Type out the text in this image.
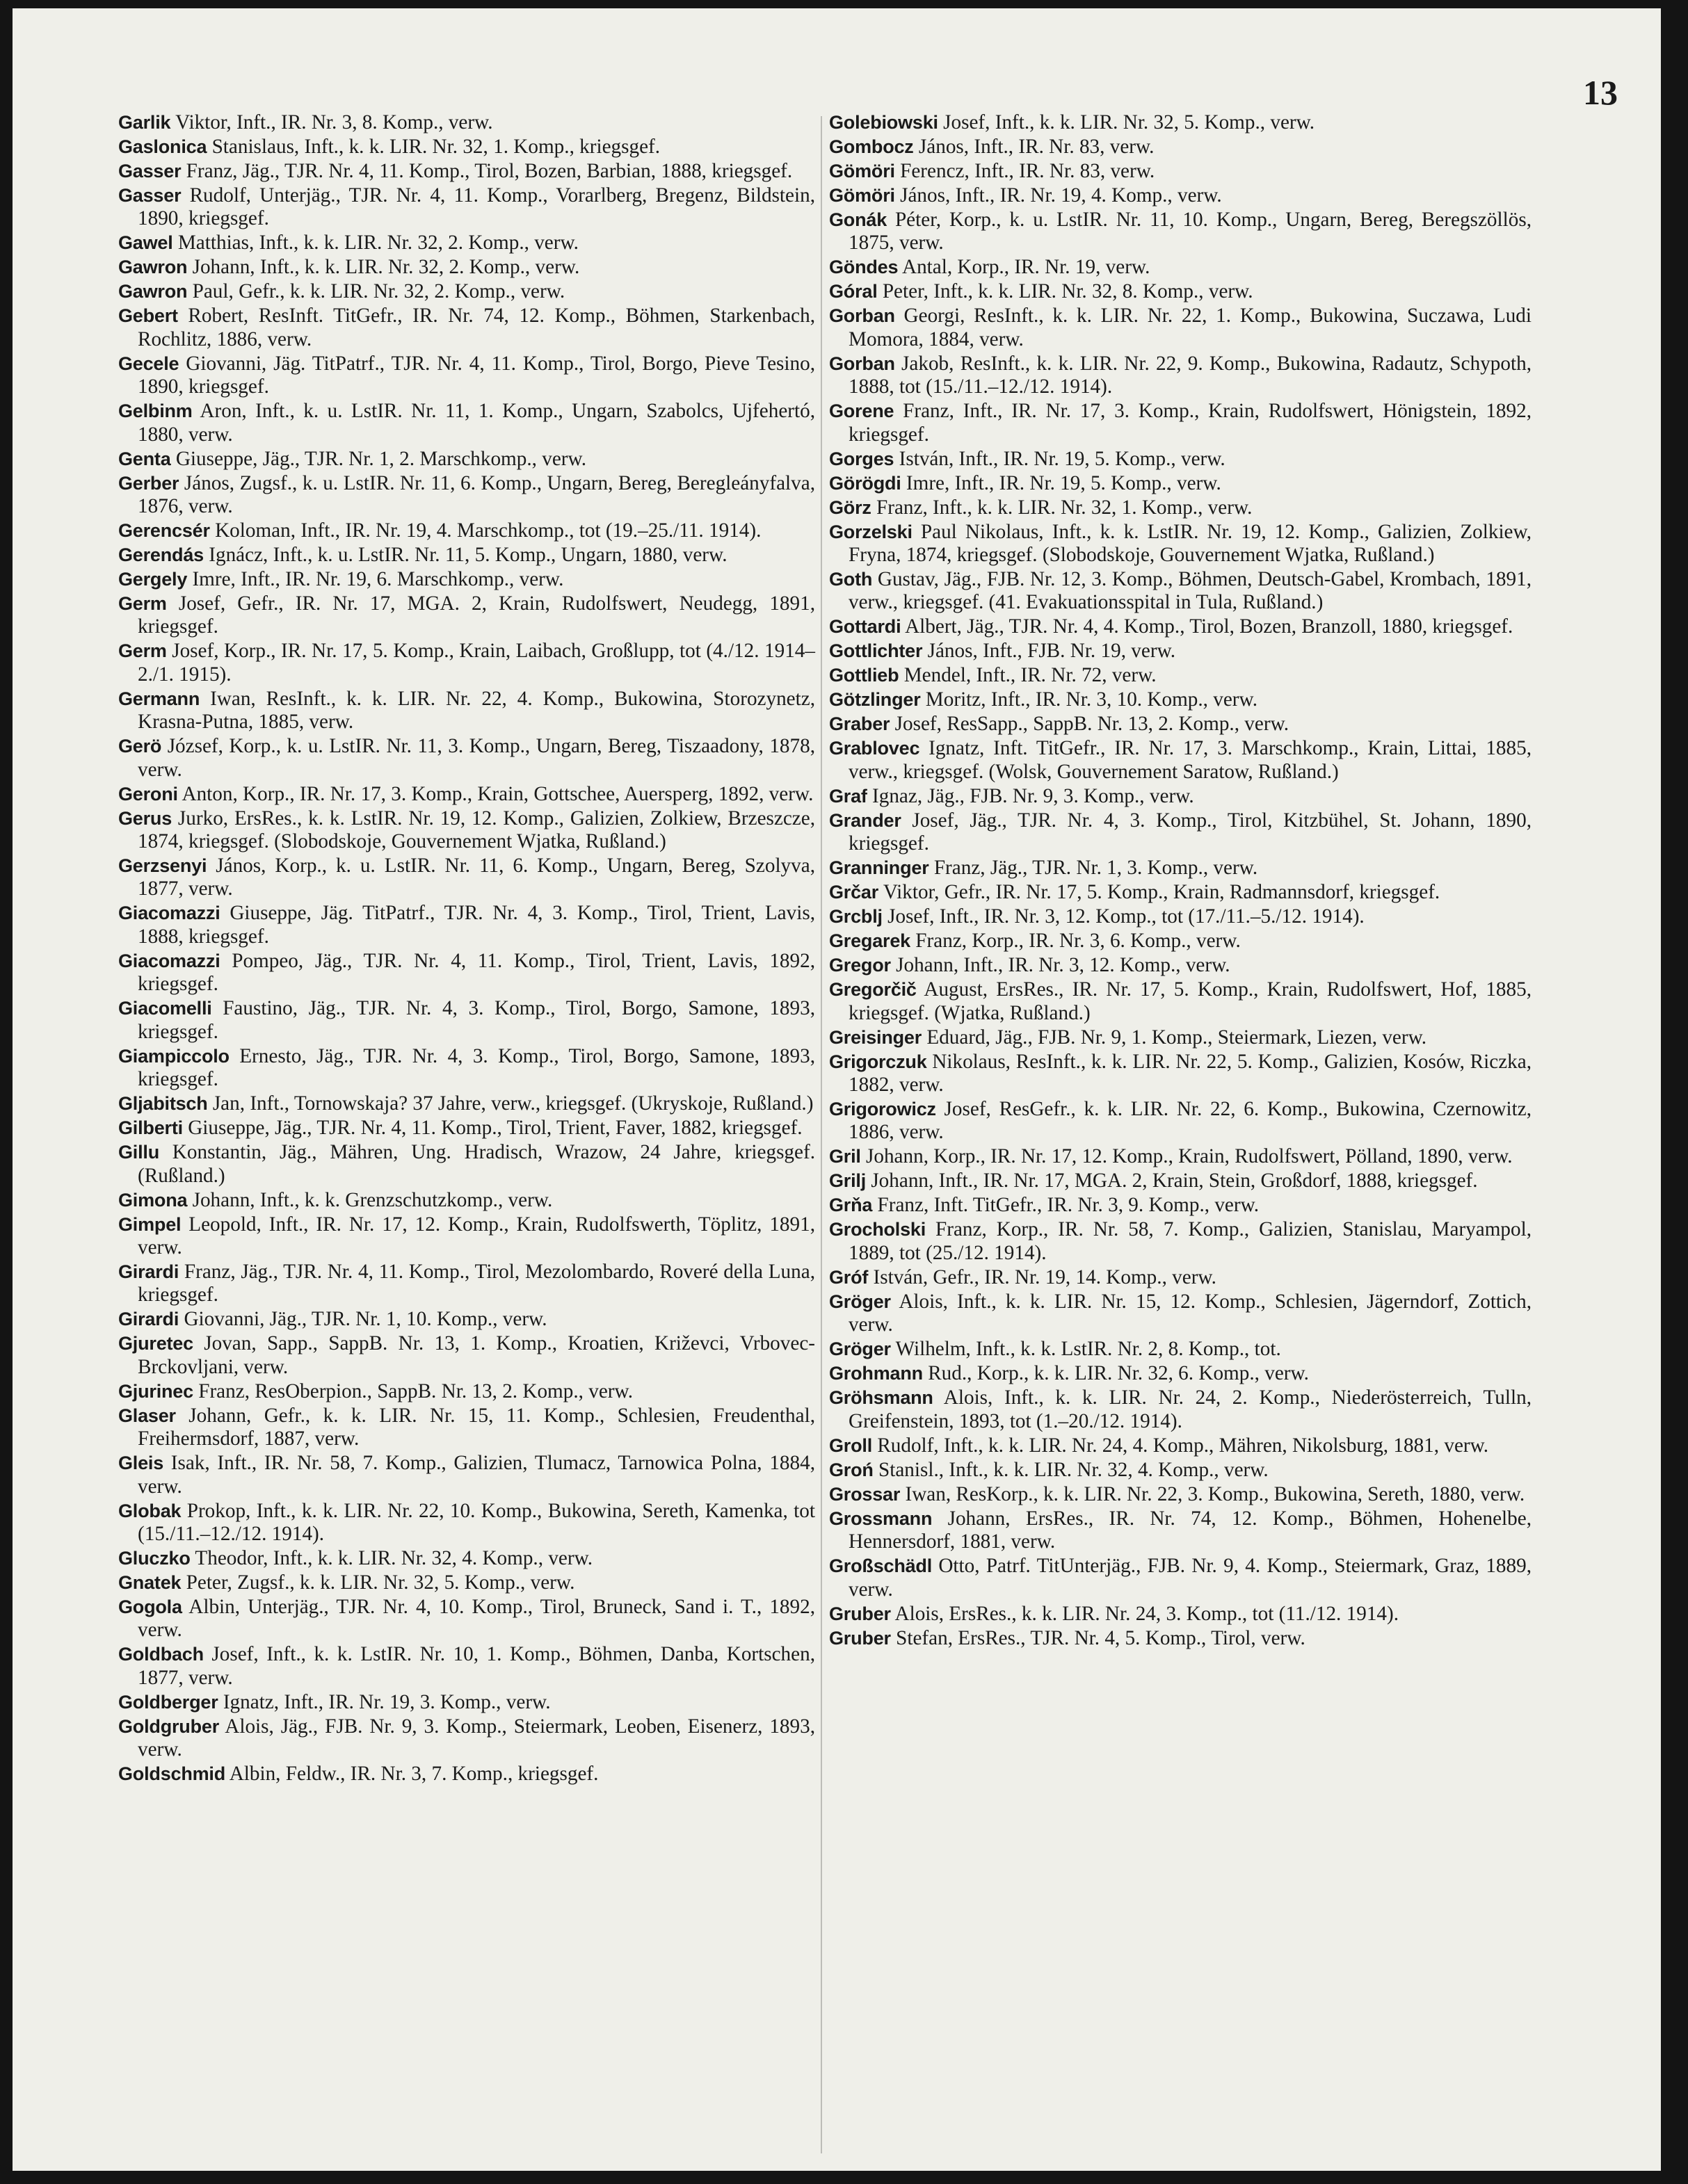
13

Garlik Viktor, Inft., IR. Nr. 3, 8. Komp., verw.

Gaslonica Stanislaus, Inft., k. k. LIR. Nr. 32, 1. Komp., kriegsgef.

Gasser Franz, Jäg., TJR. Nr. 4, 11. Komp., Tirol, Bozen, Barbian, 1888, kriegsgef.

Gasser Rudolf, Unterjäg., TJR. Nr. 4, 11. Komp., Vorarlberg, Bregenz, Bildstein, 1890, kriegsgef.

Gawel Matthias, Inft., k. k. LIR. Nr. 32, 2. Komp., verw.

Gawron Johann, Inft., k. k. LIR. Nr. 32, 2. Komp., verw.

Gawron Paul, Gefr., k. k. LIR. Nr. 32, 2. Komp., verw.

Gebert Robert, ResInft. TitGefr., IR. Nr. 74, 12. Komp., Böhmen, Starkenbach, Rochlitz, 1886, verw.

Gecele Giovanni, Jäg. TitPatrf., TJR. Nr. 4, 11. Komp., Tirol, Borgo, Pieve Tesino, 1890, kriegsgef.

Gelbinm Aron, Inft., k. u. LstIR. Nr. 11, 1. Komp., Ungarn, Szabolcs, Ujfehertó, 1880, verw.

Genta Giuseppe, Jäg., TJR. Nr. 1, 2. Marschkomp., verw.

Gerber János, Zugsf., k. u. LstIR. Nr. 11, 6. Komp., Ungarn, Bereg, Beregleányfalva, 1876, verw.

Gerencsér Koloman, Inft., IR. Nr. 19, 4. Marschkomp., tot (19.–25./11. 1914).

Gerendás Ignácz, Inft., k. u. LstIR. Nr. 11, 5. Komp., Ungarn, 1880, verw.

Gergely Imre, Inft., IR. Nr. 19, 6. Marschkomp., verw.

Germ Josef, Gefr., IR. Nr. 17, MGA. 2, Krain, Rudolfswert, Neudegg, 1891, kriegsgef.

Germ Josef, Korp., IR. Nr. 17, 5. Komp., Krain, Laibach, Großlupp, tot (4./12. 1914–2./1. 1915).

Germann Iwan, ResInft., k. k. LIR. Nr. 22, 4. Komp., Bukowina, Storozynetz, Krasna-Putna, 1885, verw.

Gerö József, Korp., k. u. LstIR. Nr. 11, 3. Komp., Ungarn, Bereg, Tiszaadony, 1878, verw.

Geroni Anton, Korp., IR. Nr. 17, 3. Komp., Krain, Gottschee, Auersperg, 1892, verw.

Gerus Jurko, ErsRes., k. k. LstIR. Nr. 19, 12. Komp., Galizien, Zolkiew, Brzeszcze, 1874, kriegsgef. (Slobodskoje, Gouvernement Wjatka, Rußland.)

Gerzsenyi János, Korp., k. u. LstIR. Nr. 11, 6. Komp., Ungarn, Bereg, Szolyva, 1877, verw.

Giacomazzi Giuseppe, Jäg. TitPatrf., TJR. Nr. 4, 3. Komp., Tirol, Trient, Lavis, 1888, kriegsgef.

Giacomazzi Pompeo, Jäg., TJR. Nr. 4, 11. Komp., Tirol, Trient, Lavis, 1892, kriegsgef.

Giacomelli Faustino, Jäg., TJR. Nr. 4, 3. Komp., Tirol, Borgo, Samone, 1893, kriegsgef.

Giampiccolo Ernesto, Jäg., TJR. Nr. 4, 3. Komp., Tirol, Borgo, Samone, 1893, kriegsgef.

Gljabitsch Jan, Inft., Tornowskaja? 37 Jahre, verw., kriegsgef. (Ukryskoje, Rußland.)

Gilberti Giuseppe, Jäg., TJR. Nr. 4, 11. Komp., Tirol, Trient, Faver, 1882, kriegsgef.

Gillu Konstantin, Jäg., Mähren, Ung. Hradisch, Wrazow, 24 Jahre, kriegsgef. (Rußland.)

Gimona Johann, Inft., k. k. Grenzschutzkomp., verw.

Gimpel Leopold, Inft., IR. Nr. 17, 12. Komp., Krain, Rudolfswerth, Töplitz, 1891, verw.

Girardi Franz, Jäg., TJR. Nr. 4, 11. Komp., Tirol, Mezolombardo, Roveré della Luna, kriegsgef.

Girardi Giovanni, Jäg., TJR. Nr. 1, 10. Komp., verw.

Gjuretec Jovan, Sapp., SappB. Nr. 13, 1. Komp., Kroatien, Križevci, Vrbovec-Brckovljani, verw.

Gjurinec Franz, ResOberpion., SappB. Nr. 13, 2. Komp., verw.

Glaser Johann, Gefr., k. k. LIR. Nr. 15, 11. Komp., Schlesien, Freudenthal, Freihermsdorf, 1887, verw.

Gleis Isak, Inft., IR. Nr. 58, 7. Komp., Galizien, Tlumacz, Tarnowica Polna, 1884, verw.

Globak Prokop, Inft., k. k. LIR. Nr. 22, 10. Komp., Bukowina, Sereth, Kamenka, tot (15./11.–12./12. 1914).

Gluczko Theodor, Inft., k. k. LIR. Nr. 32, 4. Komp., verw.

Gnatek Peter, Zugsf., k. k. LIR. Nr. 32, 5. Komp., verw.

Gogola Albin, Unterjäg., TJR. Nr. 4, 10. Komp., Tirol, Bruneck, Sand i. T., 1892, verw.

Goldbach Josef, Inft., k. k. LstIR. Nr. 10, 1. Komp., Böhmen, Danba, Kortschen, 1877, verw.

Goldberger Ignatz, Inft., IR. Nr. 19, 3. Komp., verw.

Goldgruber Alois, Jäg., FJB. Nr. 9, 3. Komp., Steiermark, Leoben, Eisenerz, 1893, verw.

Goldschmid Albin, Feldw., IR. Nr. 3, 7. Komp., kriegsgef.

Golebiowski Josef, Inft., k. k. LIR. Nr. 32, 5. Komp., verw.

Gombocz János, Inft., IR. Nr. 83, verw.

Gömöri Ferencz, Inft., IR. Nr. 83, verw.

Gömöri János, Inft., IR. Nr. 19, 4. Komp., verw.

Gonák Péter, Korp., k. u. LstIR. Nr. 11, 10. Komp., Ungarn, Bereg, Beregszöllös, 1875, verw.

Göndes Antal, Korp., IR. Nr. 19, verw.

Góral Peter, Inft., k. k. LIR. Nr. 32, 8. Komp., verw.

Gorban Georgi, ResInft., k. k. LIR. Nr. 22, 1. Komp., Bukowina, Suczawa, Ludi Momora, 1884, verw.

Gorban Jakob, ResInft., k. k. LIR. Nr. 22, 9. Komp., Bukowina, Radautz, Schypoth, 1888, tot (15./11.–12./12. 1914).

Gorene Franz, Inft., IR. Nr. 17, 3. Komp., Krain, Rudolfswert, Hönigstein, 1892, kriegsgef.

Gorges István, Inft., IR. Nr. 19, 5. Komp., verw.

Görögdi Imre, Inft., IR. Nr. 19, 5. Komp., verw.

Görz Franz, Inft., k. k. LIR. Nr. 32, 1. Komp., verw.

Gorzelski Paul Nikolaus, Inft., k. k. LstIR. Nr. 19, 12. Komp., Galizien, Zolkiew, Fryna, 1874, kriegsgef. (Slobodskoje, Gouvernement Wjatka, Rußland.)

Goth Gustav, Jäg., FJB. Nr. 12, 3. Komp., Böhmen, Deutsch-Gabel, Krombach, 1891, verw., kriegsgef. (41. Evakuationsspital in Tula, Rußland.)

Gottardi Albert, Jäg., TJR. Nr. 4, 4. Komp., Tirol, Bozen, Branzoll, 1880, kriegsgef.

Gottlichter János, Inft., FJB. Nr. 19, verw.

Gottlieb Mendel, Inft., IR. Nr. 72, verw.

Götzlinger Moritz, Inft., IR. Nr. 3, 10. Komp., verw.

Graber Josef, ResSapp., SappB. Nr. 13, 2. Komp., verw.

Grablovec Ignatz, Inft. TitGefr., IR. Nr. 17, 3. Marschkomp., Krain, Littai, 1885, verw., kriegsgef. (Wolsk, Gouvernement Saratow, Rußland.)

Graf Ignaz, Jäg., FJB. Nr. 9, 3. Komp., verw.

Grander Josef, Jäg., TJR. Nr. 4, 3. Komp., Tirol, Kitzbühel, St. Johann, 1890, kriegsgef.

Granninger Franz, Jäg., TJR. Nr. 1, 3. Komp., verw.

Grčar Viktor, Gefr., IR. Nr. 17, 5. Komp., Krain, Radmannsdorf, kriegsgef.

Grcblj Josef, Inft., IR. Nr. 3, 12. Komp., tot (17./11.–5./12. 1914).

Gregarek Franz, Korp., IR. Nr. 3, 6. Komp., verw.

Gregor Johann, Inft., IR. Nr. 3, 12. Komp., verw.

Gregorčič August, ErsRes., IR. Nr. 17, 5. Komp., Krain, Rudolfswert, Hof, 1885, kriegsgef. (Wjatka, Rußland.)

Greisinger Eduard, Jäg., FJB. Nr. 9, 1. Komp., Steiermark, Liezen, verw.

Grigorczuk Nikolaus, ResInft., k. k. LIR. Nr. 22, 5. Komp., Galizien, Kosów, Riczka, 1882, verw.

Grigorowicz Josef, ResGefr., k. k. LIR. Nr. 22, 6. Komp., Bukowina, Czernowitz, 1886, verw.

Gril Johann, Korp., IR. Nr. 17, 12. Komp., Krain, Rudolfswert, Pölland, 1890, verw.

Grilj Johann, Inft., IR. Nr. 17, MGA. 2, Krain, Stein, Großdorf, 1888, kriegsgef.

Grňa Franz, Inft. TitGefr., IR. Nr. 3, 9. Komp., verw.

Grocholski Franz, Korp., IR. Nr. 58, 7. Komp., Galizien, Stanislau, Maryampol, 1889, tot (25./12. 1914).

Gróf István, Gefr., IR. Nr. 19, 14. Komp., verw.

Gröger Alois, Inft., k. k. LIR. Nr. 15, 12. Komp., Schlesien, Jägerndorf, Zottich, verw.

Gröger Wilhelm, Inft., k. k. LstIR. Nr. 2, 8. Komp., tot.

Grohmann Rud., Korp., k. k. LIR. Nr. 32, 6. Komp., verw.

Gröhsmann Alois, Inft., k. k. LIR. Nr. 24, 2. Komp., Niederösterreich, Tulln, Greifenstein, 1893, tot (1.–20./12. 1914).

Groll Rudolf, Inft., k. k. LIR. Nr. 24, 4. Komp., Mähren, Nikolsburg, 1881, verw.

Groń Stanisl., Inft., k. k. LIR. Nr. 32, 4. Komp., verw.

Grossar Iwan, ResKorp., k. k. LIR. Nr. 22, 3. Komp., Bukowina, Sereth, 1880, verw.

Grossmann Johann, ErsRes., IR. Nr. 74, 12. Komp., Böhmen, Hohenelbe, Hennersdorf, 1881, verw.

Großschädl Otto, Patrf. TitUnterjäg., FJB. Nr. 9, 4. Komp., Steiermark, Graz, 1889, verw.

Gruber Alois, ErsRes., k. k. LIR. Nr. 24, 3. Komp., tot (11./12. 1914).

Gruber Stefan, ErsRes., TJR. Nr. 4, 5. Komp., Tirol, verw.
